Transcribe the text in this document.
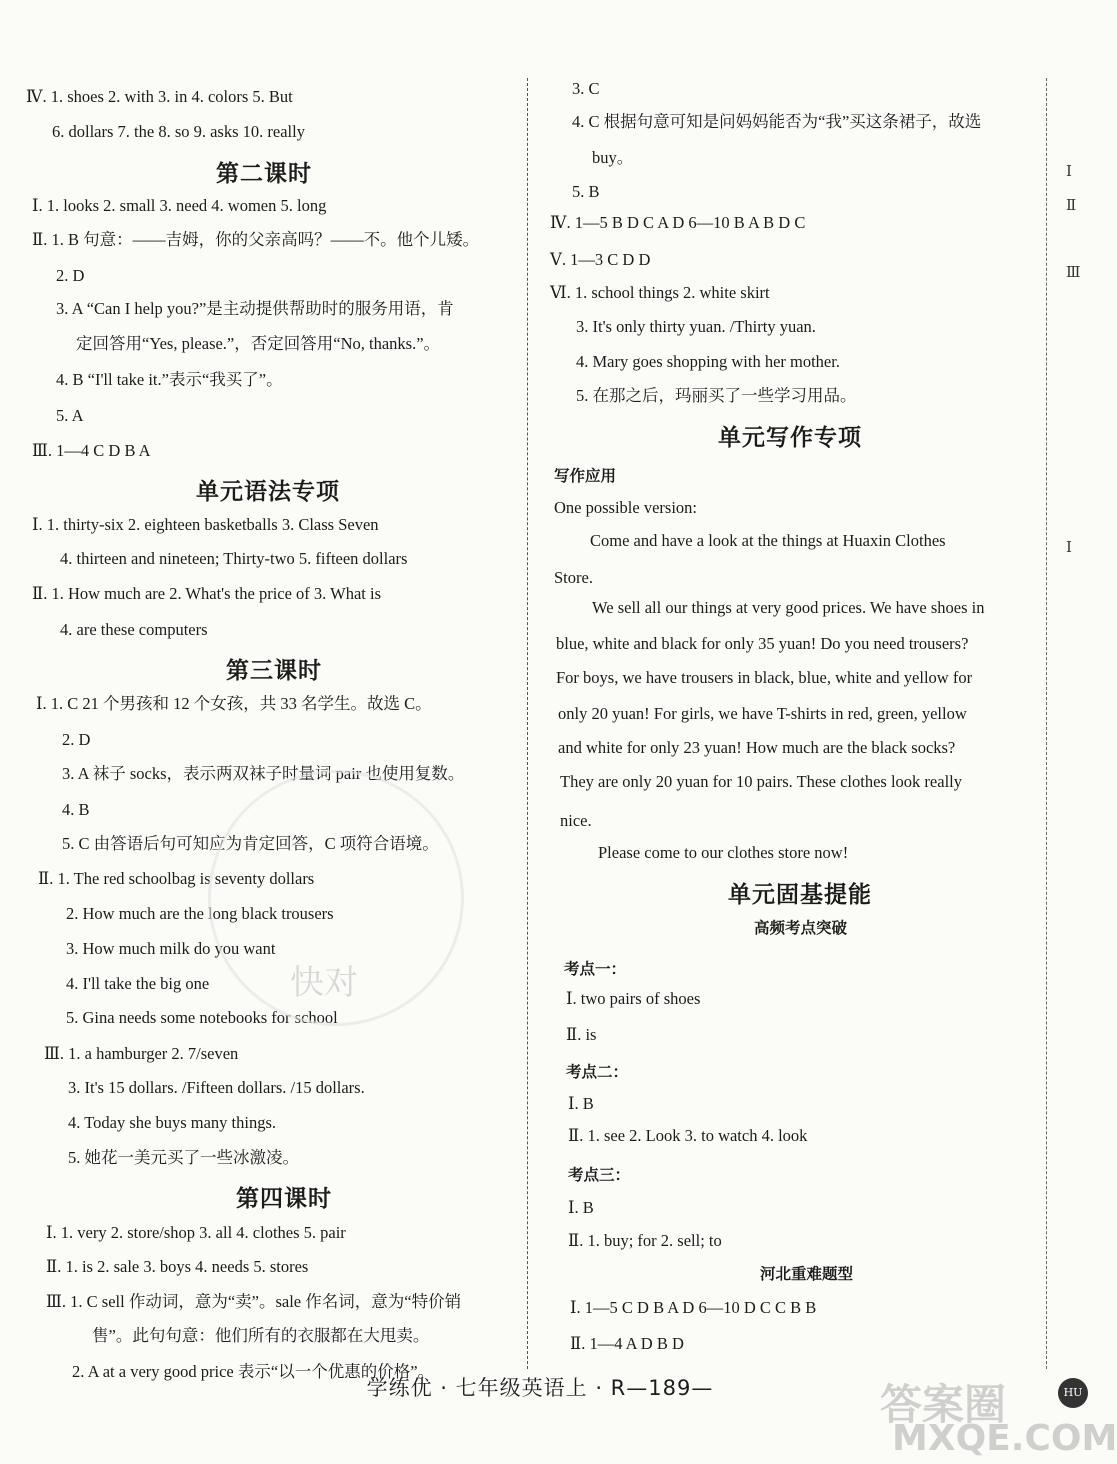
Ⅳ. 1. shoes 2. with 3. in 4. colors 5. But
6. dollars 7. the 8. so 9. asks 10. really
第二课时
Ⅰ. 1. looks 2. small 3. need 4. women 5. long
Ⅱ. 1. B 句意：——吉姆，你的父亲高吗？——不。他个儿矮。
2. D
3. A “Can I help you?”是主动提供帮助时的服务用语，肯
定回答用“Yes, please.”，否定回答用“No, thanks.”。
4. B “I'll take it.”表示“我买了”。
5. A
Ⅲ. 1—4 C D B A
单元语法专项
Ⅰ. 1. thirty-six 2. eighteen basketballs 3. Class Seven
4. thirteen and nineteen; Thirty-two 5. fifteen dollars
Ⅱ. 1. How much are 2. What's the price of 3. What is
4. are these computers
第三课时
Ⅰ. 1. C 21 个男孩和 12 个女孩，共 33 名学生。故选 C。
2. D
3. A 袜子 socks，表示两双袜子时量词 pair 也使用复数。
4. B
5. C 由答语后句可知应为肯定回答，C 项符合语境。
Ⅱ. 1. The red schoolbag is seventy dollars
2. How much are the long black trousers
3. How much milk do you want
4. I'll take the big one
5. Gina needs some notebooks for school
Ⅲ. 1. a hamburger 2. 7/seven
3. It's 15 dollars. /Fifteen dollars. /15 dollars.
4. Today she buys many things.
5. 她花一美元买了一些冰激凌。
第四课时
Ⅰ. 1. very 2. store/shop 3. all 4. clothes 5. pair
Ⅱ. 1. is 2. sale 3. boys 4. needs 5. stores
Ⅲ. 1. C sell 作动词，意为“卖”。sale 作名词，意为“特价销
售”。此句句意：他们所有的衣服都在大甩卖。
2. A at a very good price 表示“以一个优惠的价格”。
3. C
4. C 根据句意可知是问妈妈能否为“我”买这条裙子，故选
buy。
5. B
Ⅳ. 1—5 B D C A D 6—10 B A B D C
Ⅴ. 1—3 C D D
Ⅵ. 1. school things 2. white skirt
3. It's only thirty yuan. /Thirty yuan.
4. Mary goes shopping with her mother.
5. 在那之后，玛丽买了一些学习用品。
单元写作专项
写作应用
One possible version:
Come and have a look at the things at Huaxin Clothes
Store.
We sell all our things at very good prices. We have shoes in
blue, white and black for only 35 yuan! Do you need trousers?
For boys, we have trousers in black, blue, white and yellow for
only 20 yuan! For girls, we have T-shirts in red, green, yellow
and white for only 23 yuan! How much are the black socks?
They are only 20 yuan for 10 pairs. These clothes look really
nice.
Please come to our clothes store now!
单元固基提能
高频考点突破
考点一：
Ⅰ. two pairs of shoes
Ⅱ. is
考点二：
Ⅰ. B
Ⅱ. 1. see 2. Look 3. to watch 4. look
考点三：
Ⅰ. B
Ⅱ. 1. buy; for 2. sell; to
河北重难题型
Ⅰ. 1—5 C D B A D 6—10 D C C B B
Ⅱ. 1—4 A D B D
Ⅰ
Ⅱ
Ⅲ
Ⅰ
快对
答案圈
MXQE.COM
HU
学练优 · 七年级英语上 · R—189—
